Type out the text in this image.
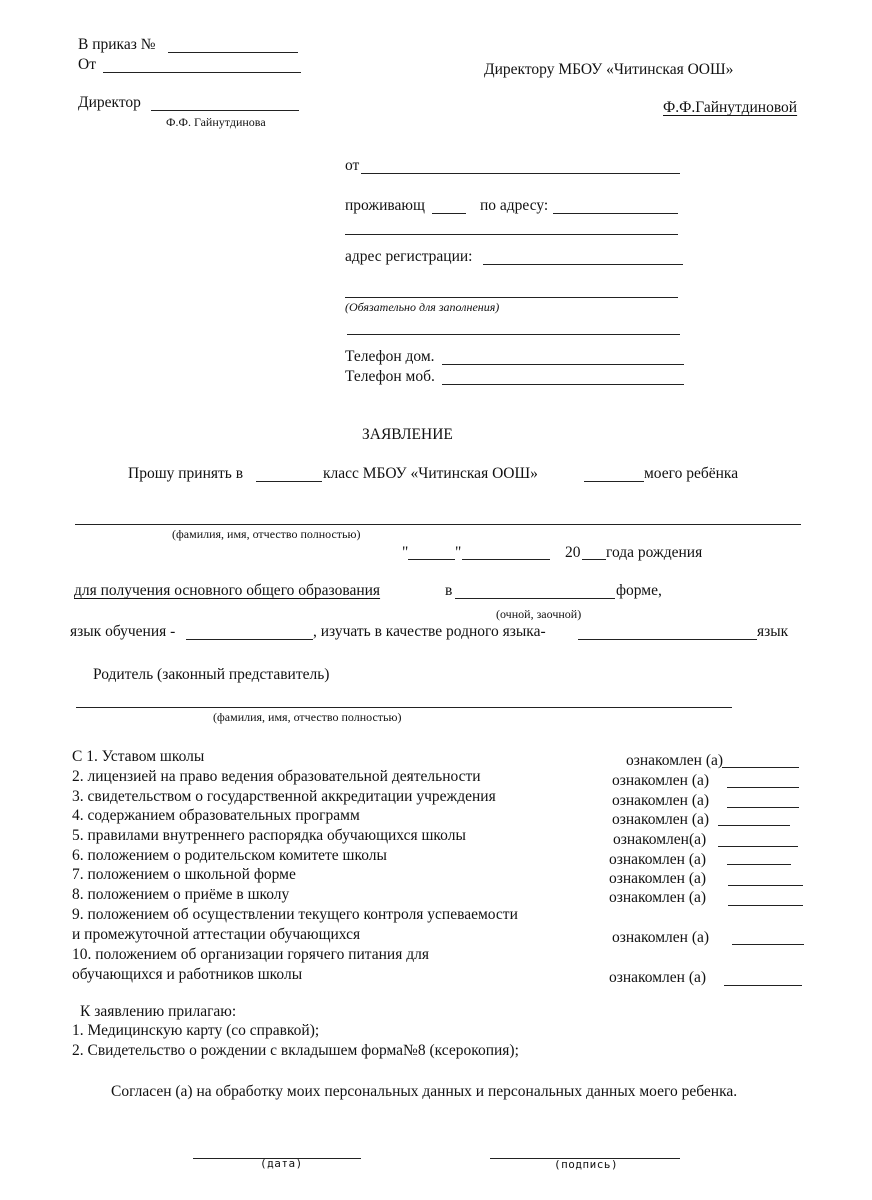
В приказ №
От
Директор
Ф.Ф. Гайнутдинова
Директору МБОУ «Читинская ООШ»
Ф.Ф.Гайнутдиновой
от
проживающ	по адресу:
адрес регистрации:
(Обязательно для заполнения)
Телефон дом.
Телефон моб.
ЗАЯВЛЕНИЕ
Прошу принять в	класс МБОУ «Читинская ООШ»	моего ребёнка
(фамилия, имя, отчество полностью)
"	"	20 года рождения
для получения основного общего образования	в	форме,
(очной, заочной)
язык обучения -	, изучать в качестве родного языка-	язык
Родитель (законный представитель)
(фамилия, имя, отчество полностью)
С 1. Уставом школы	ознакомлен (а)
2. лицензией на право ведения образовательной деятельности	ознакомлен (а)
3. свидетельством о государственной аккредитации учреждения	ознакомлен (а)
4. содержанием образовательных программ	ознакомлен (а)
5. правилами внутреннего распорядка обучающихся школы	ознакомлен(а)
6. положением о родительском комитете школы	ознакомлен (а)
7. положением о школьной форме	ознакомлен (а)
8. положением о приёме в школу	ознакомлен (а)
9. положением об осуществлении текущего контроля успеваемости
и промежуточной аттестации обучающихся	ознакомлен (а)
10. положением об организации горячего питания для
обучающихся и работников школы	ознакомлен (а)
К заявлению прилагаю:
1. Медицинскую карту (со справкой);
2. Свидетельство о рождении с вкладышем форма№8 (ксерокопия);
Согласен (а) на обработку моих персональных данных и персональных данных моего ребенка.
(дата)	(подпись)
